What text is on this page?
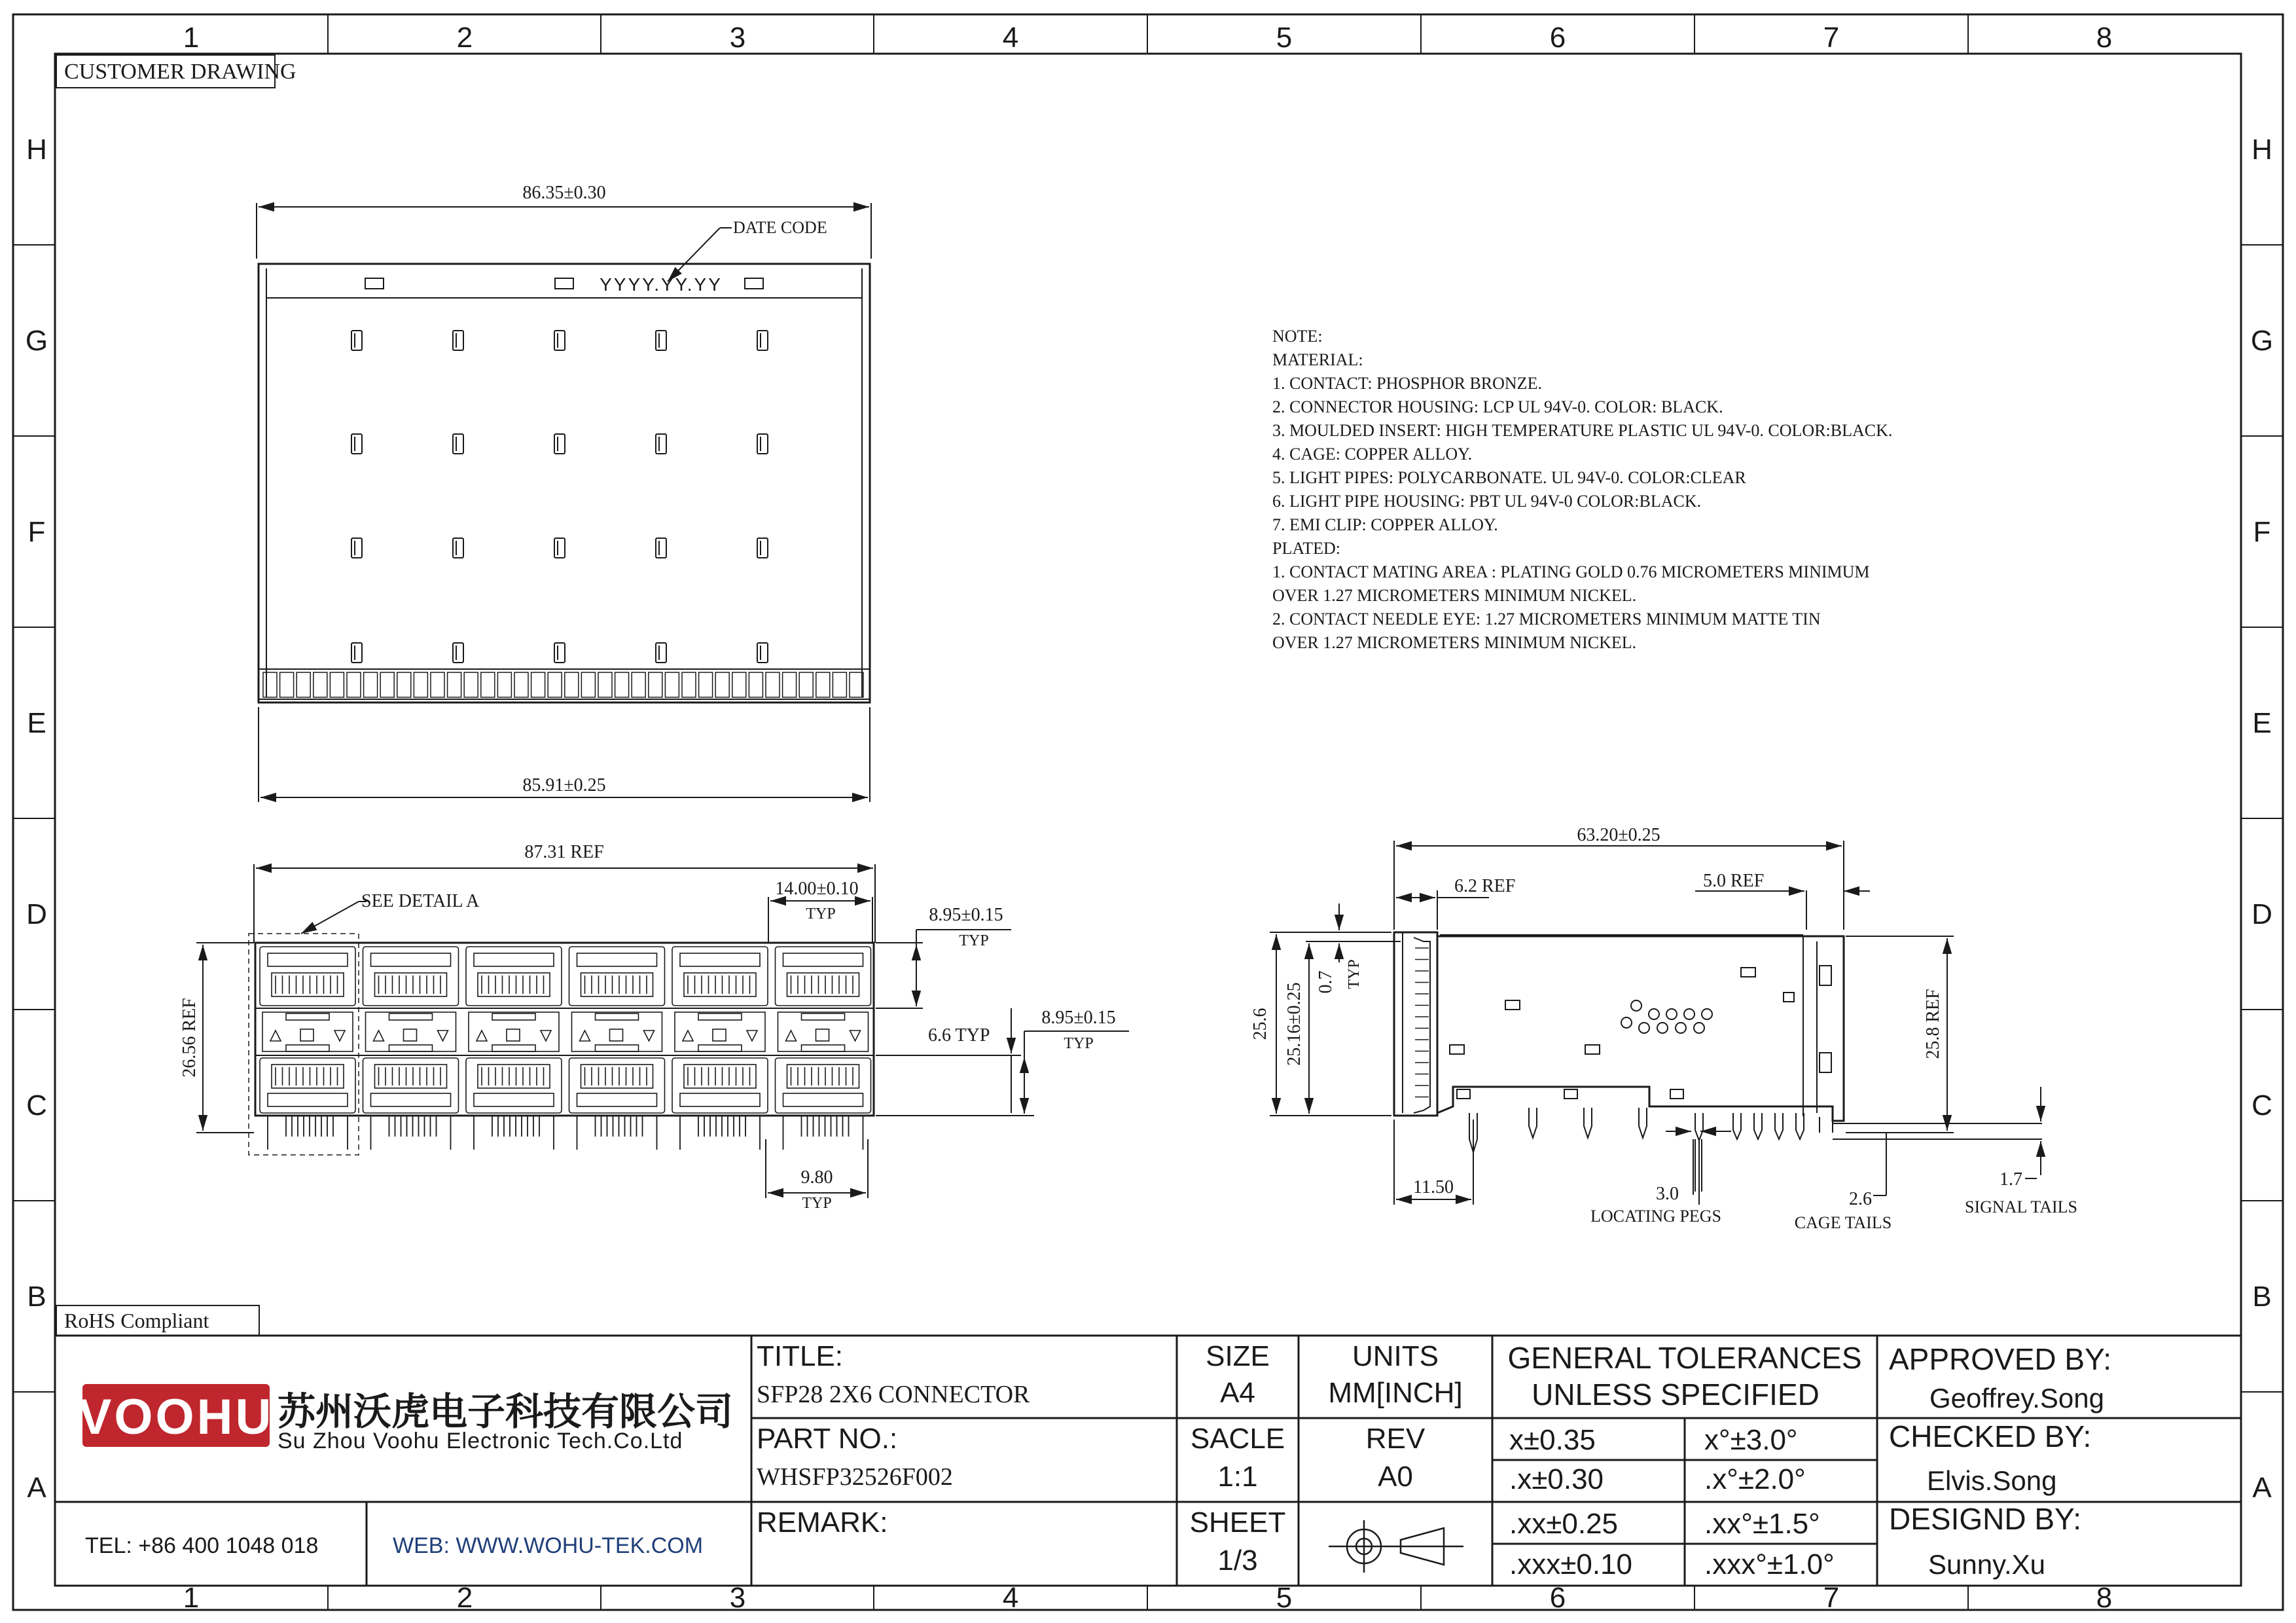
1	2	3	4	5	6	7	8
1	2	3	4	5	6	7	8
H
G
F
E
D
C
B
A
H
G
F
E
D
C
B
A
CUSTOMER DRAWING
86.35±0.30
85.91±0.25
DATE CODE
YYYY.YY.YY
87.31 REF
SEE DETAIL A
14.00±0.10
TYP	8.95±0.15
TYP
6.6 TYP
8.95±0.15
TYP
26.56 REF
9.80
TYP
63.20±0.25
6.2 REF	5.0 REF
25.6 25.16±0.25
0.7 TYP
25.8 REF
11.50	3.0
LOCATING PEGS
2.6
CAGE TAILS
1.7
SIGNAL TAILS
NOTE:
MATERIAL:
1. CONTACT: PHOSPHOR BRONZE.
2. CONNECTOR HOUSING: LCP UL 94V-0. COLOR: BLACK.
3. MOULDED INSERT: HIGH TEMPERATURE PLASTIC UL 94V-0. COLOR:BLACK.
4. CAGE: COPPER ALLOY.
5. LIGHT PIPES: POLYCARBONATE. UL 94V-0. COLOR:CLEAR
6. LIGHT PIPE HOUSING: PBT UL 94V-0 COLOR:BLACK.
7. EMI CLIP: COPPER ALLOY.
PLATED:
1. CONTACT MATING AREA : PLATING GOLD 0.76 MICROMETERS MINIMUM
OVER 1.27 MICROMETERS MINIMUM NICKEL.
2. CONTACT NEEDLE EYE: 1.27 MICROMETERS MINIMUM MATTE TIN
OVER 1.27 MICROMETERS MINIMUM NICKEL.
RoHS Compliant
VOOHU 苏州沃虎电子科技有限公司
Su Zhou Voohu Electronic Tech.Co.Ltd
TEL: +86 400 1048 018	WEB: WWW.WOHU-TEK.COM
TITLE:
SFP28 2X6 CONNECTOR
PART NO.:
WHSFP32526F002
REMARK:
SIZE
A4
UNITS
MM[INCH]
SACLE
1:1
REV
A0
SHEET
1/3
GENERAL TOLERANCES
UNLESS SPECIFIED
x±0.35	x°±3.0°
.x±0.30	.x°±2.0°
.xx±0.25	.xx°±1.5°
.xxx±0.10 .xxx°±1.0°
APPROVED BY:
Geoffrey.Song
CHECKED BY:
Elvis.Song
DESIGND BY:
Sunny.Xu
